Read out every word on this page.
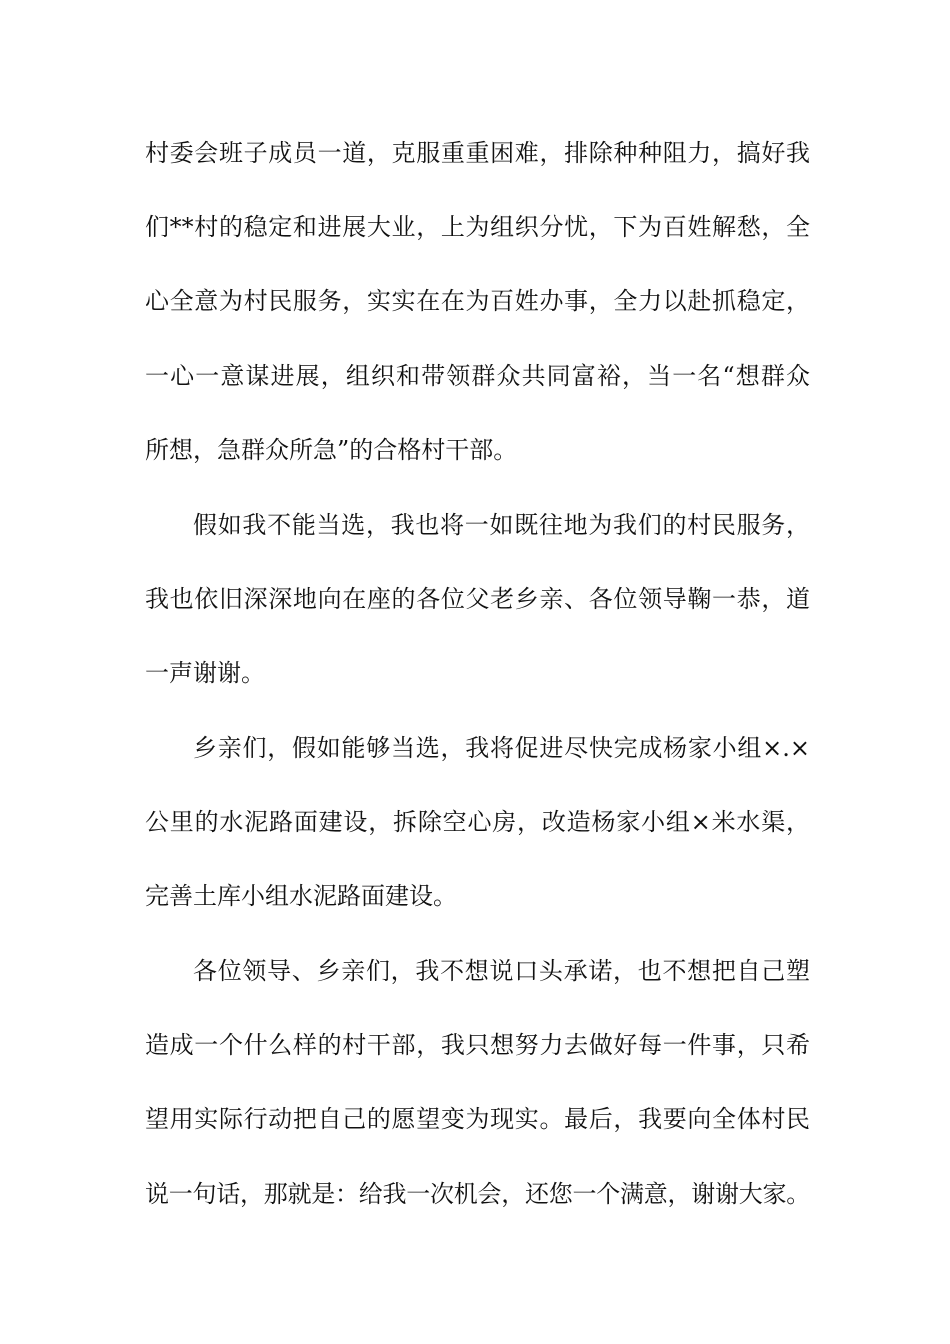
村委会班子成员一道，克服重重困难，排除种种阻力，搞好我
们**村的稳定和进展大业，上为组织分忧，下为百姓解愁，全
心全意为村民服务，实实在在为百姓办事，全力以赴抓稳定，
一心一意谋进展，组织和带领群众共同富裕，当一名“想群众
所想，急群众所急”的合格村干部。
假如我不能当选，我也将一如既往地为我们的村民服务，
我也依旧深深地向在座的各位父老乡亲、各位领导鞠一恭，道
一声谢谢。
乡亲们，假如能够当选，我将促进尽快完成杨家小组×.×
公里的水泥路面建设，拆除空心房，改造杨家小组×米水渠，
完善土库小组水泥路面建设。
各位领导、乡亲们，我不想说口头承诺，也不想把自己塑
造成一个什么样的村干部，我只想努力去做好每一件事，只希
望用实际行动把自己的愿望变为现实。最后，我要向全体村民
说一句话，那就是：给我一次机会，还您一个满意，谢谢大家。
